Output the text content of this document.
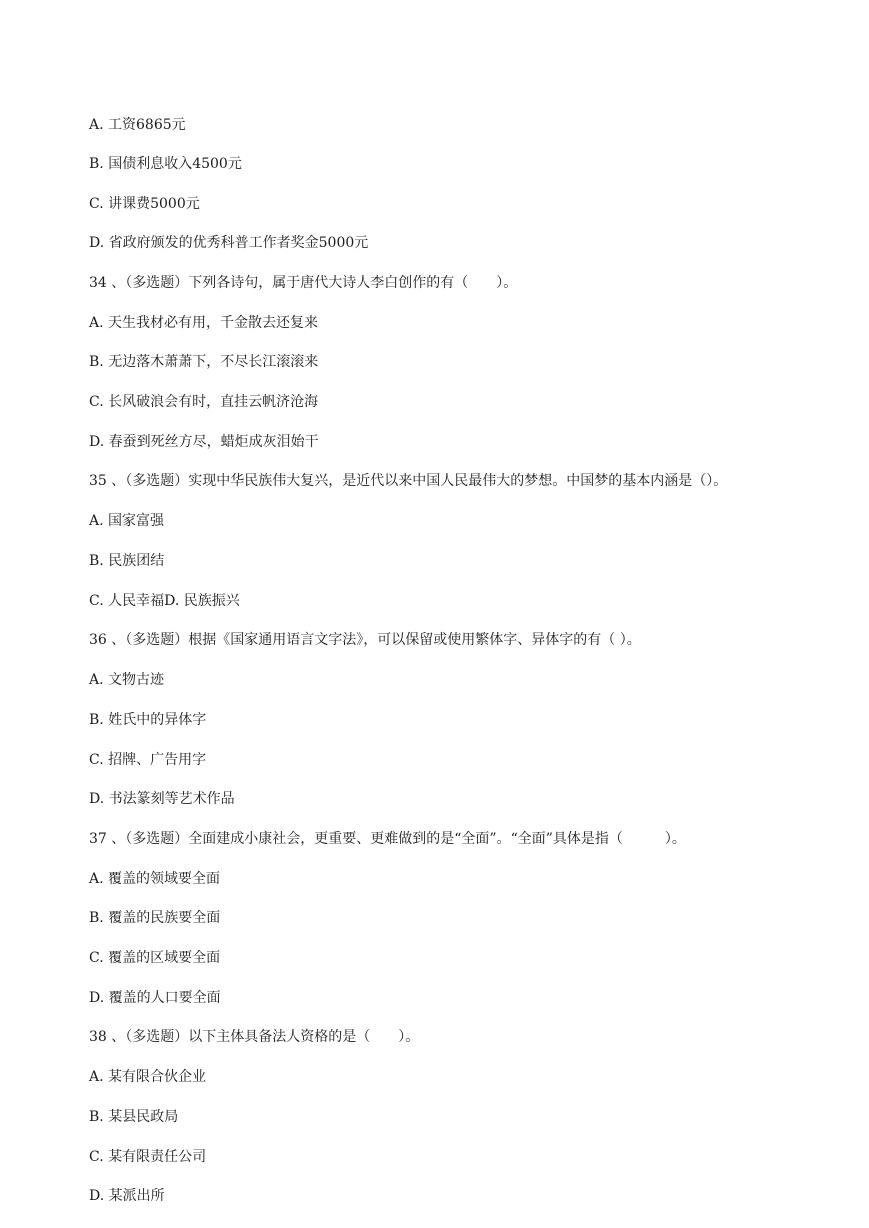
A. 工资6865元
B. 国债利息收入4500元
C. 讲课费5000元
D. 省政府颁发的优秀科普工作者奖金5000元
34 、（多选题）下列各诗句，属于唐代大诗人李白创作的有（　　）。
A. 天生我材必有用，千金散去还复来
B. 无边落木萧萧下，不尽长江滚滚来
C. 长风破浪会有时，直挂云帆济沧海
D. 春蚕到死丝方尽，蜡炬成灰泪始干
35 、（多选题）实现中华民族伟大复兴，是近代以来中国人民最伟大的梦想。中国梦的基本内涵是（）。
A. 国家富强
B. 民族团结
C. 人民幸福D. 民族振兴
36 、（多选题）根据《国家通用语言文字法》，可以保留或使用繁体字、异体字的有（ ）。
A. 文物古迹
B. 姓氏中的异体字
C. 招牌、广告用字
D. 书法篆刻等艺术作品
37 、（多选题）全面建成小康社会，更重要、更难做到的是“全面”。“全面”具体是指（　　　）。
A. 覆盖的领域要全面
B. 覆盖的民族要全面
C. 覆盖的区域要全面
D. 覆盖的人口要全面
38 、（多选题）以下主体具备法人资格的是（　　）。
A. 某有限合伙企业
B. 某县民政局
C. 某有限责任公司
D. 某派出所
